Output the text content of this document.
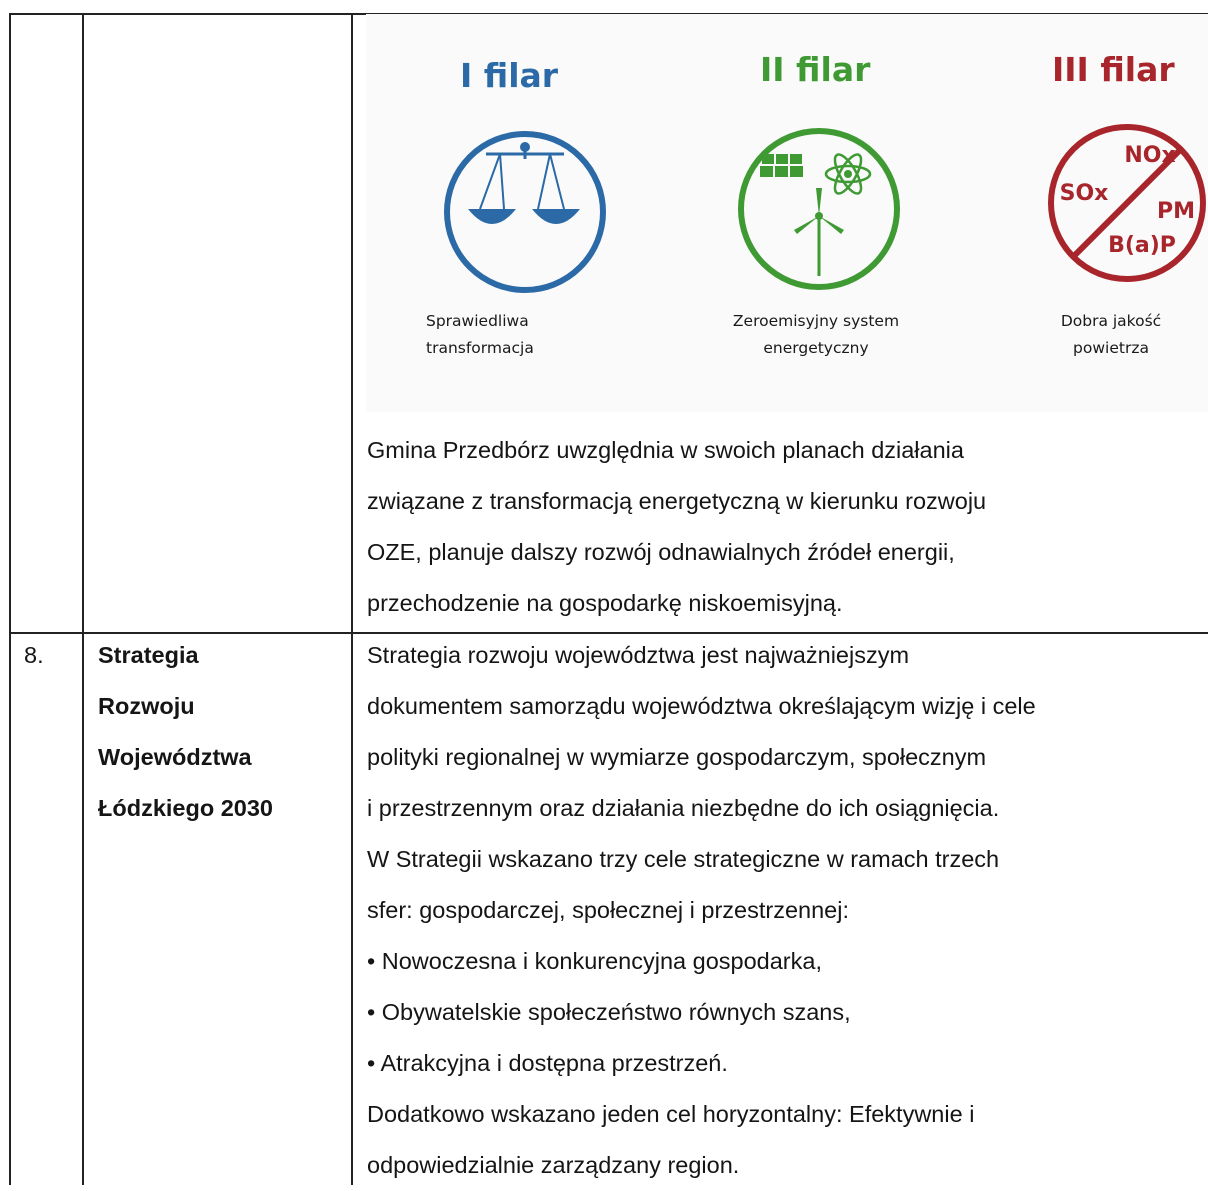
I filar
Sprawiedliwa
transformacja
II filar
Zeroemisyjny system
energetyczny
III filar
NOx
SOx
PM
B(a)P
Dobra jakość
powietrza

Gmina Przedbórz uwzględnia w swoich planach działania

związane z transformacją energetyczną w kierunku rozwoju

OZE, planuje dalszy rozwój odnawialnych źródeł energii,

przechodzenie na gospodarkę niskoemisyjną.

8. Strategia

Rozwoju

Województwa

Łódzkiego 2030

Strategia rozwoju województwa jest najważniejszym

dokumentem samorządu województwa określającym wizję i cele

polityki regionalnej w wymiarze gospodarczym, społecznym

i przestrzennym oraz działania niezbędne do ich osiągnięcia.

W Strategii wskazano trzy cele strategiczne w ramach trzech

sfer: gospodarczej, społecznej i przestrzennej:

• Nowoczesna i konkurencyjna gospodarka,

• Obywatelskie społeczeństwo równych szans,

• Atrakcyjna i dostępna przestrzeń.

Dodatkowo wskazano jeden cel horyzontalny: Efektywnie i

odpowiedzialnie zarządzany region.
